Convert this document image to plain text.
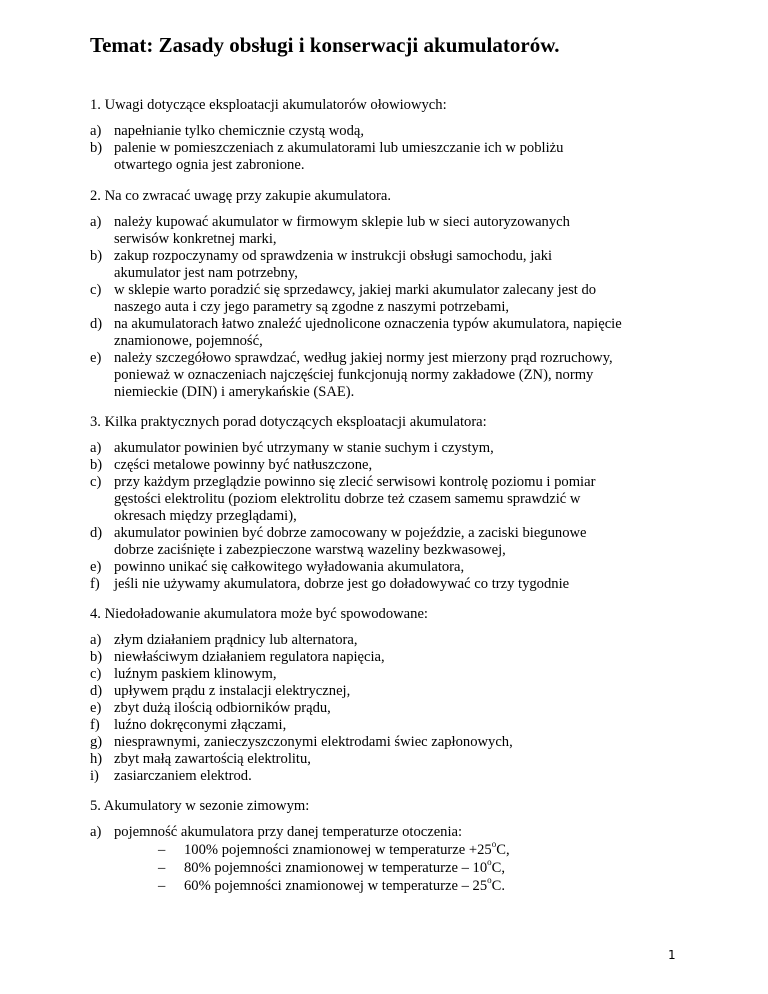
Temat: Zasady obsługi i konserwacji akumulatorów.
1. Uwagi dotyczące eksploatacji akumulatorów ołowiowych:
a) napełnianie tylko chemicznie czystą wodą,
b) palenie w pomieszczeniach z akumulatorami lub umieszczanie ich w pobliżu
otwartego ognia jest zabronione.
2. Na co zwracać uwagę przy zakupie akumulatora.
a) należy kupować akumulator w firmowym sklepie lub w sieci autoryzowanych
serwisów konkretnej marki,
b) zakup rozpoczynamy od sprawdzenia w instrukcji obsługi samochodu, jaki
akumulator jest nam potrzebny,
c) w sklepie warto poradzić się sprzedawcy, jakiej marki akumulator zalecany jest do
naszego auta i czy jego parametry są zgodne z naszymi potrzebami,
d) na akumulatorach łatwo znaleźć ujednolicone oznaczenia typów akumulatora, napięcie
znamionowe, pojemność,
e) należy szczegółowo sprawdzać, według jakiej normy jest mierzony prąd rozruchowy,
ponieważ w oznaczeniach najczęściej funkcjonują normy zakładowe (ZN), normy
niemieckie (DIN) i amerykańskie (SAE).
3. Kilka praktycznych porad dotyczących eksploatacji akumulatora:
a) akumulator powinien być utrzymany w stanie suchym i czystym,
b) części metalowe powinny być natłuszczone,
c) przy każdym przeglądzie powinno się zlecić serwisowi kontrolę poziomu i pomiar
gęstości elektrolitu (poziom elektrolitu dobrze też czasem samemu sprawdzić w
okresach między przeglądami),
d) akumulator powinien być dobrze zamocowany w pojeździe, a zaciski biegunowe
dobrze zaciśnięte i zabezpieczone warstwą wazeliny bezkwasowej,
e) powinno unikać się całkowitego wyładowania akumulatora,
f) jeśli nie używamy akumulatora, dobrze jest go doładowywać co trzy tygodnie
4. Niedoładowanie akumulatora może być spowodowane:
a) złym działaniem prądnicy lub alternatora,
b) niewłaściwym działaniem regulatora napięcia,
c) luźnym paskiem klinowym,
d) upływem prądu z instalacji elektrycznej,
e) zbyt dużą ilością odbiorników prądu,
f) luźno dokręconymi złączami,
g) niesprawnymi, zanieczyszczonymi elektrodami świec zapłonowych,
h) zbyt małą zawartością elektrolitu,
i) zasiarczaniem elektrod.
5. Akumulatory w sezonie zimowym:
a) pojemność akumulatora przy danej temperaturze otoczenia:
– 100% pojemności znamionowej w temperaturze $+25^oC$,
– 80% pojemności znamionowej w temperaturze – 10$^o$C,
– 60% pojemności znamionowej w temperaturze – 25$^o$C.
1
